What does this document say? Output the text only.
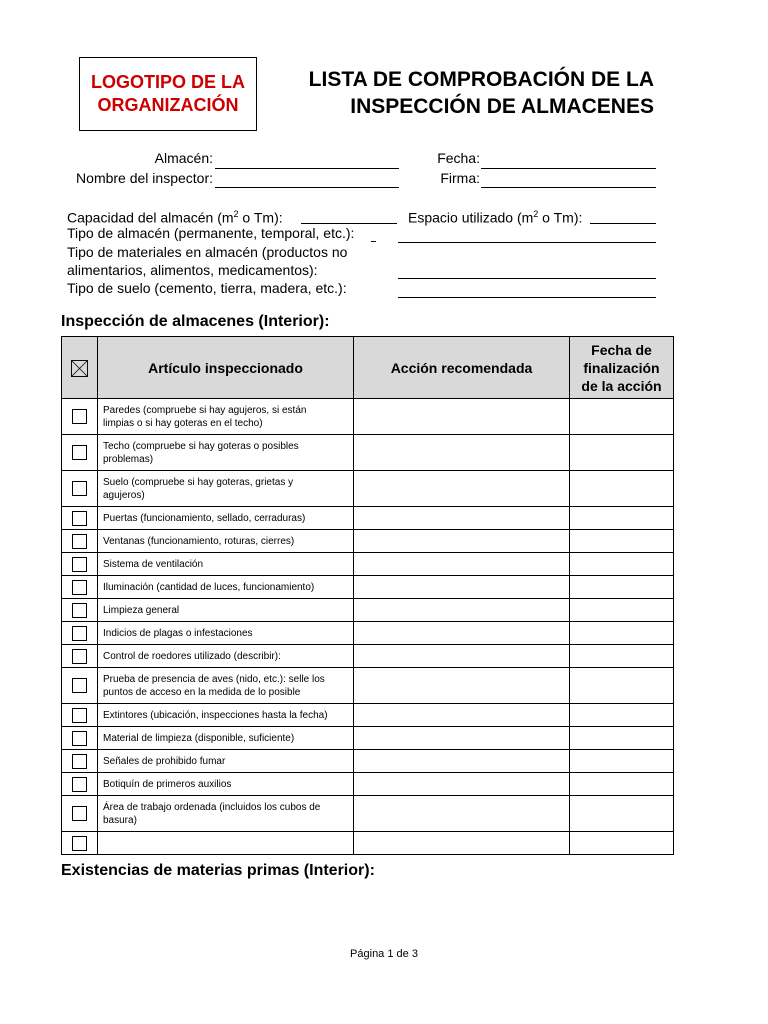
LOGOTIPO DE LA
ORGANIZACIÓN
LISTA DE COMPROBACIÓN DE LA
INSPECCIÓN DE ALMACENES
Almacén:
Nombre del inspector:
Fecha:
Firma:
Capacidad del almacén ($m^2$ o Tm):	Espacio utilizado ($m^2$ o Tm):
Tipo de almacén (permanente, temporal, etc.):
Tipo de materiales en almacén (productos no
alimentarios, alimentos, medicamentos):
Tipo de suelo (cemento, tierra, madera, etc.):
Inspección de almacenes (Interior):
	Artículo inspeccionado	Acción recomendada	Fecha de
finalización
de la acción

	Paredes (compruebe si hay agujeros, si están
limpias o si hay goteras en el techo)		

	Techo (compruebe si hay goteras o posibles
problemas)		

	Suelo (compruebe si hay goteras, grietas y
agujeros)		

	Puertas (funcionamiento, sellado, cerraduras)		

	Ventanas (funcionamiento, roturas, cierres)		

	Sistema de ventilación		

	Iluminación (cantidad de luces, funcionamiento)		

	Limpieza general		

	Indicios de plagas o infestaciones		

	Control de roedores utilizado (describir):		

	Prueba de presencia de aves (nido, etc.): selle los
puntos de acceso en la medida de lo posible		

	Extintores (ubicación, inspecciones hasta la fecha)		

	Material de limpieza (disponible, suficiente)		

	Señales de prohibido fumar		

	Botiquín de primeros auxilios		

	Área de trabajo ordenada (incluidos los cubos de
basura)		

Existencias de materias primas (Interior):
Página 1 de 3
